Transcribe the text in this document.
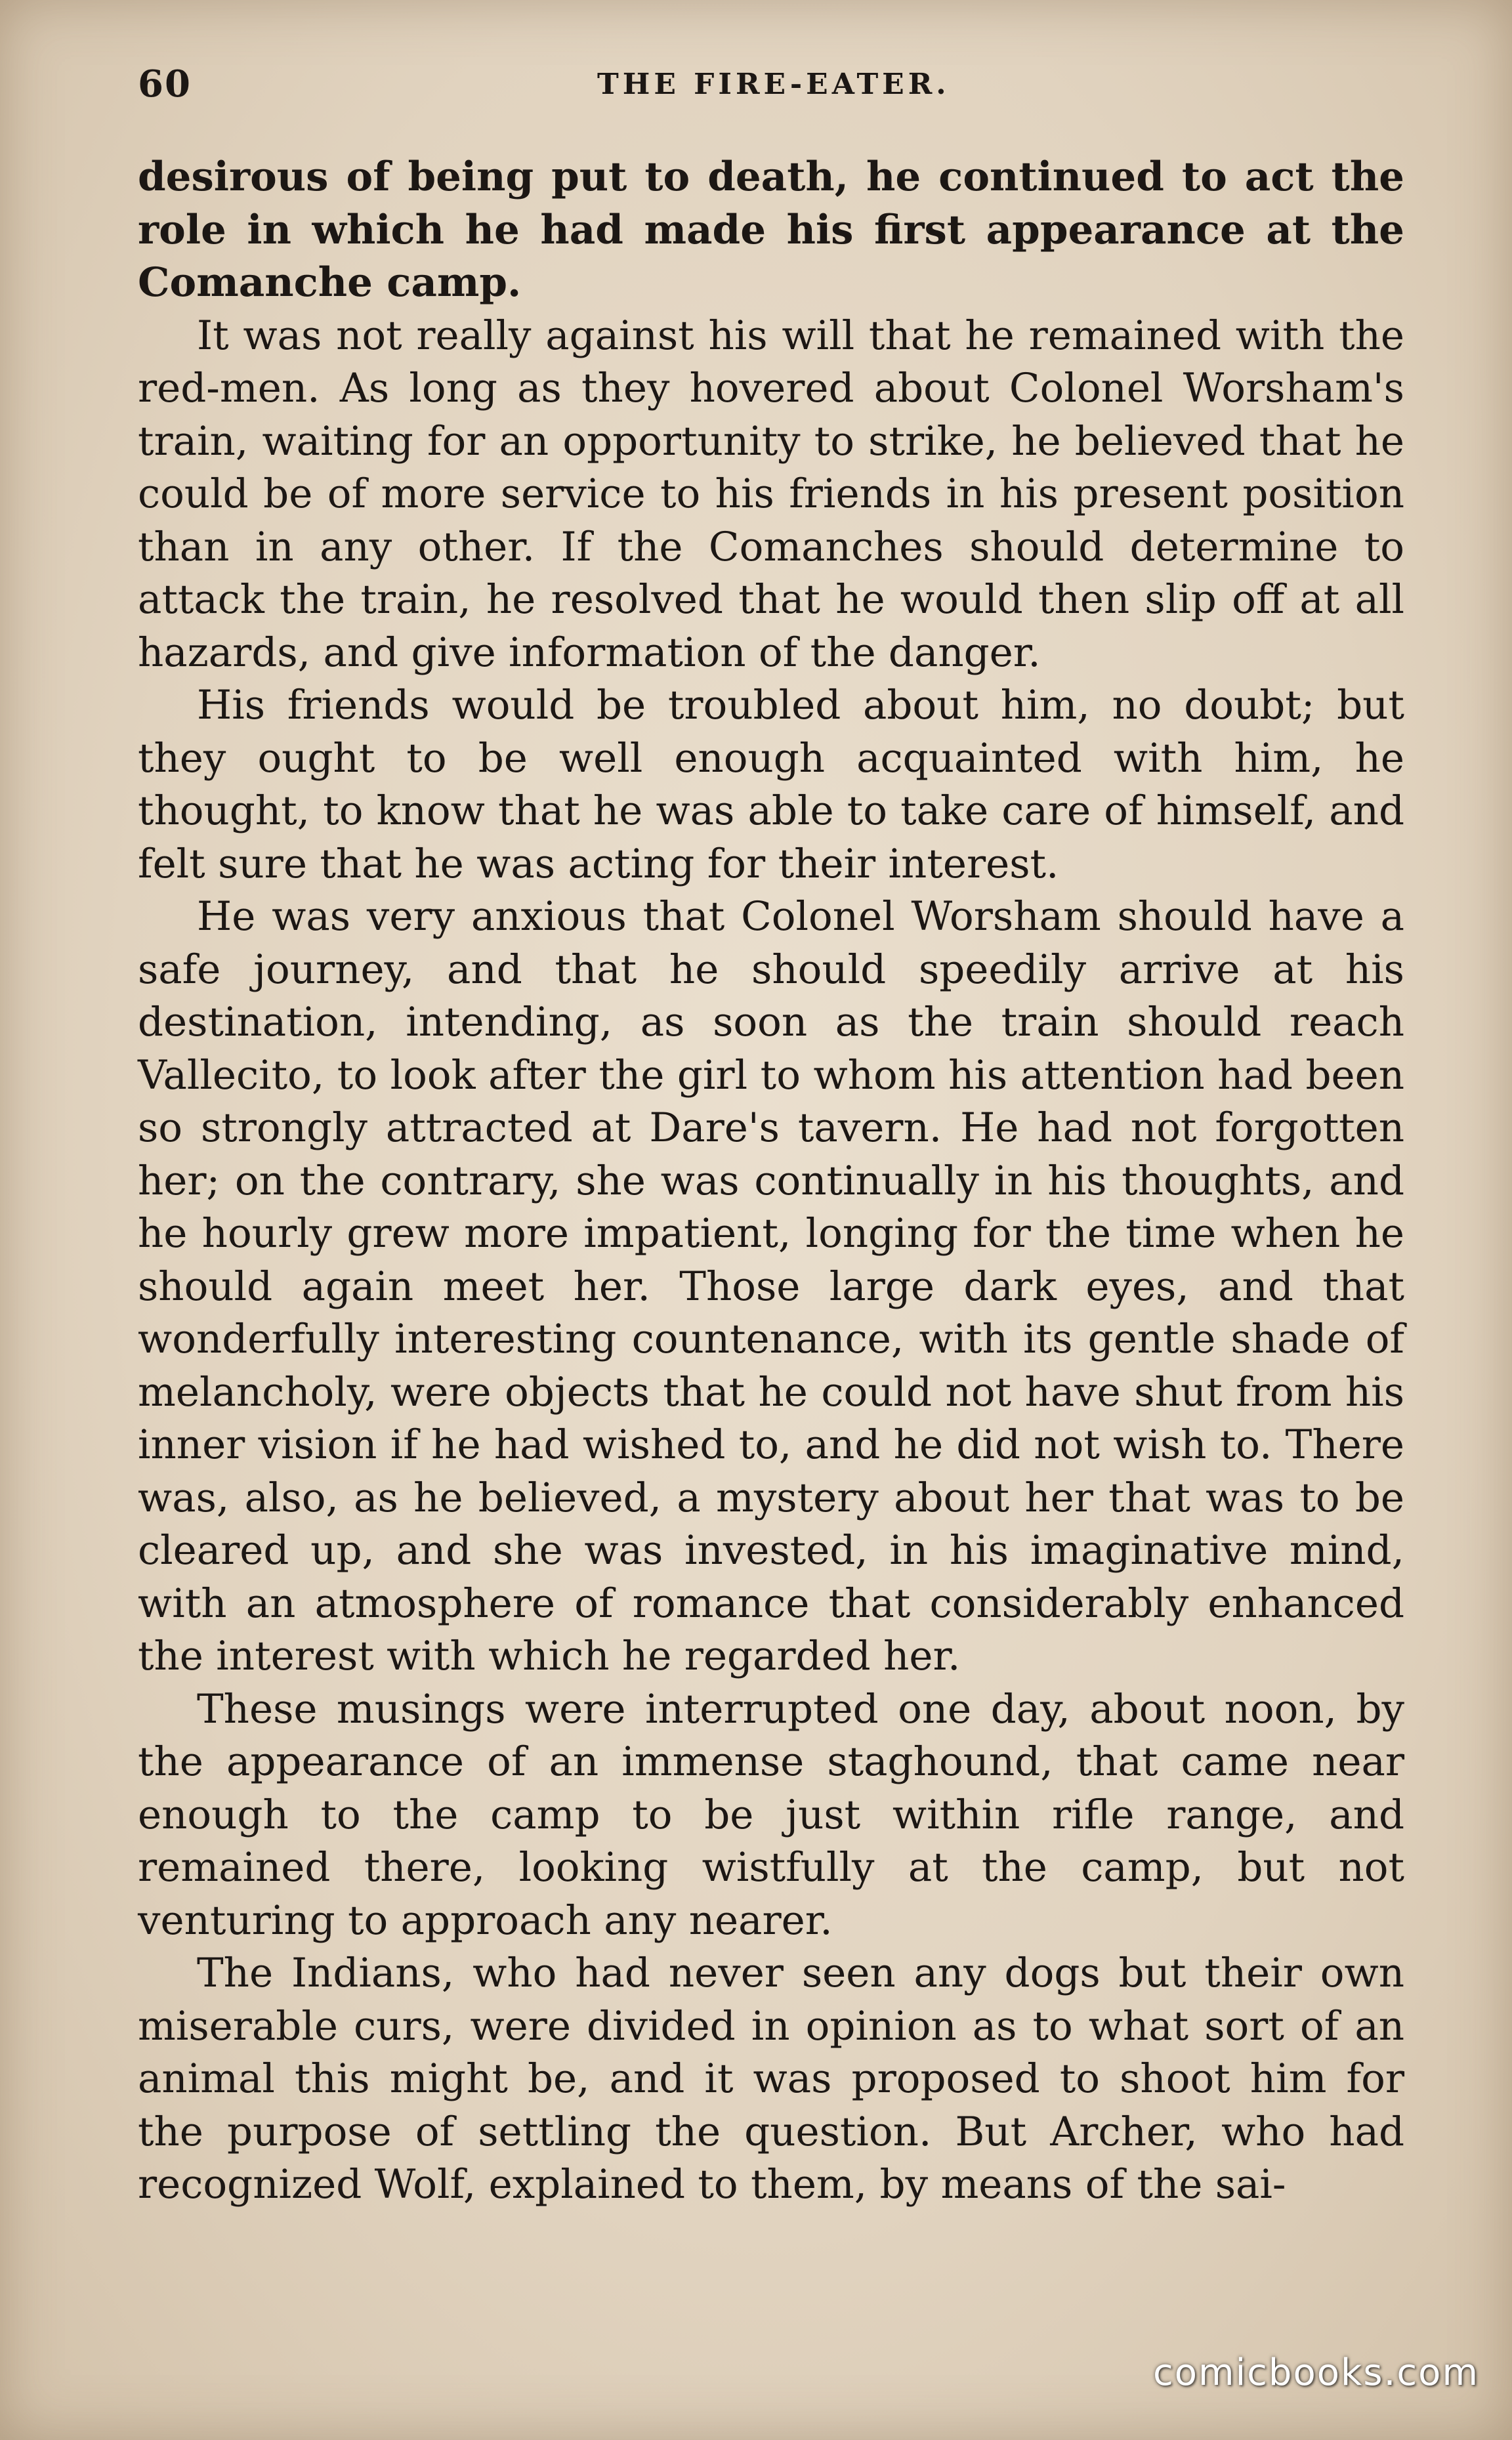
60	THE FIRE-EATER.

desirous of being put to death, he continued to act the role in which he had made his first appearance at the Comanche camp.

It was not really against his will that he remained with the red-men. As long as they hovered about Colonel Worsham's train, waiting for an opportunity to strike, he believed that he could be of more service to his friends in his present position than in any other. If the Comanches should determine to attack the train, he resolved that he would then slip off at all hazards, and give information of the danger.

His friends would be troubled about him, no doubt; but they ought to be well enough acquainted with him, he thought, to know that he was able to take care of himself, and felt sure that he was acting for their interest.

He was very anxious that Colonel Worsham should have a safe journey, and that he should speedily arrive at his destination, intending, as soon as the train should reach Vallecito, to look after the girl to whom his attention had been so strongly attracted at Dare's tavern. He had not forgotten her; on the contrary, she was continually in his thoughts, and he hourly grew more impatient, longing for the time when he should again meet her. Those large dark eyes, and that wonderfully interesting countenance, with its gentle shade of melancholy, were objects that he could not have shut from his inner vision if he had wished to, and he did not wish to. There was, also, as he believed, a mystery about her that was to be cleared up, and she was invested, in his imaginative mind, with an atmosphere of romance that considerably enhanced the interest with which he regarded her.

These musings were interrupted one day, about noon, by the appearance of an immense staghound, that came near enough to the camp to be just within rifle range, and remained there, looking wistfully at the camp, but not venturing to approach any nearer.

The Indians, who had never seen any dogs but their own miserable curs, were divided in opinion as to what sort of an animal this might be, and it was proposed to shoot him for the purpose of settling the question. But Archer, who had recognized Wolf, explained to them, by means of the sai-

comicbooks.com
